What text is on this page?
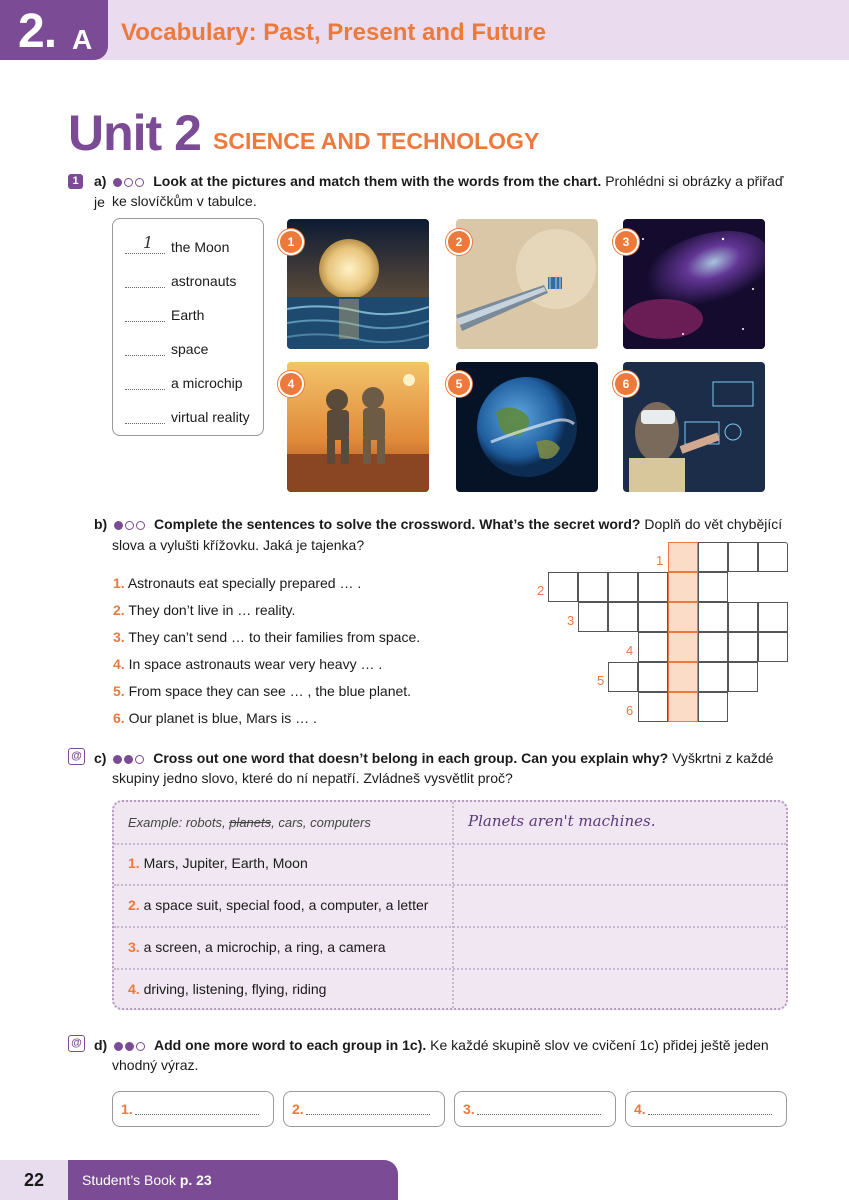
2. A Vocabulary: Past, Present and Future
Unit 2 SCIENCE AND TECHNOLOGY
1	a)	Look at the pictures and match them with the words from the chart. Prohlédni si obrázky a přiřaď je ke slovíčkům v tabulce.
1 the Moon
astronauts
Earth
space
a microchip
virtual reality
1	2	3
4	5	6
b)	Complete the sentences to solve the crossword. What’s the secret word? Doplň do vět chybějící
slova a vylušti křížovku. Jaká je tajenka?
1. Astronauts eat specially prepared … .
2. They don’t live in … reality.
3. They can’t send … to their families from space.
4. In space astronauts wear very heavy … .
5. From space they can see … , the blue planet.
6. Our planet is blue, Mars is … .
1
2
3
4
5
6
@ c)	Cross out one word that doesn’t belong in each group. Can you explain why? Vyškrtni z každé
skupiny jedno slovo, které do ní nepatří. Zvládneš vysvětlit proč?
Example: robots, planets, cars, computers	Planets aren't machines.
1. Mars, Jupiter, Earth, Moon
2. a space suit, special food, a computer, a letter
3. a screen, a microchip, a ring, a camera
4. driving, listening, flying, riding
@ d)	Add one more word to each group in 1c). Ke každé skupině slov ve cvičení 1c) přidej ještě jeden
vhodný výraz.
1.	2.	3.	4.
22	Student’s Book p. 23
